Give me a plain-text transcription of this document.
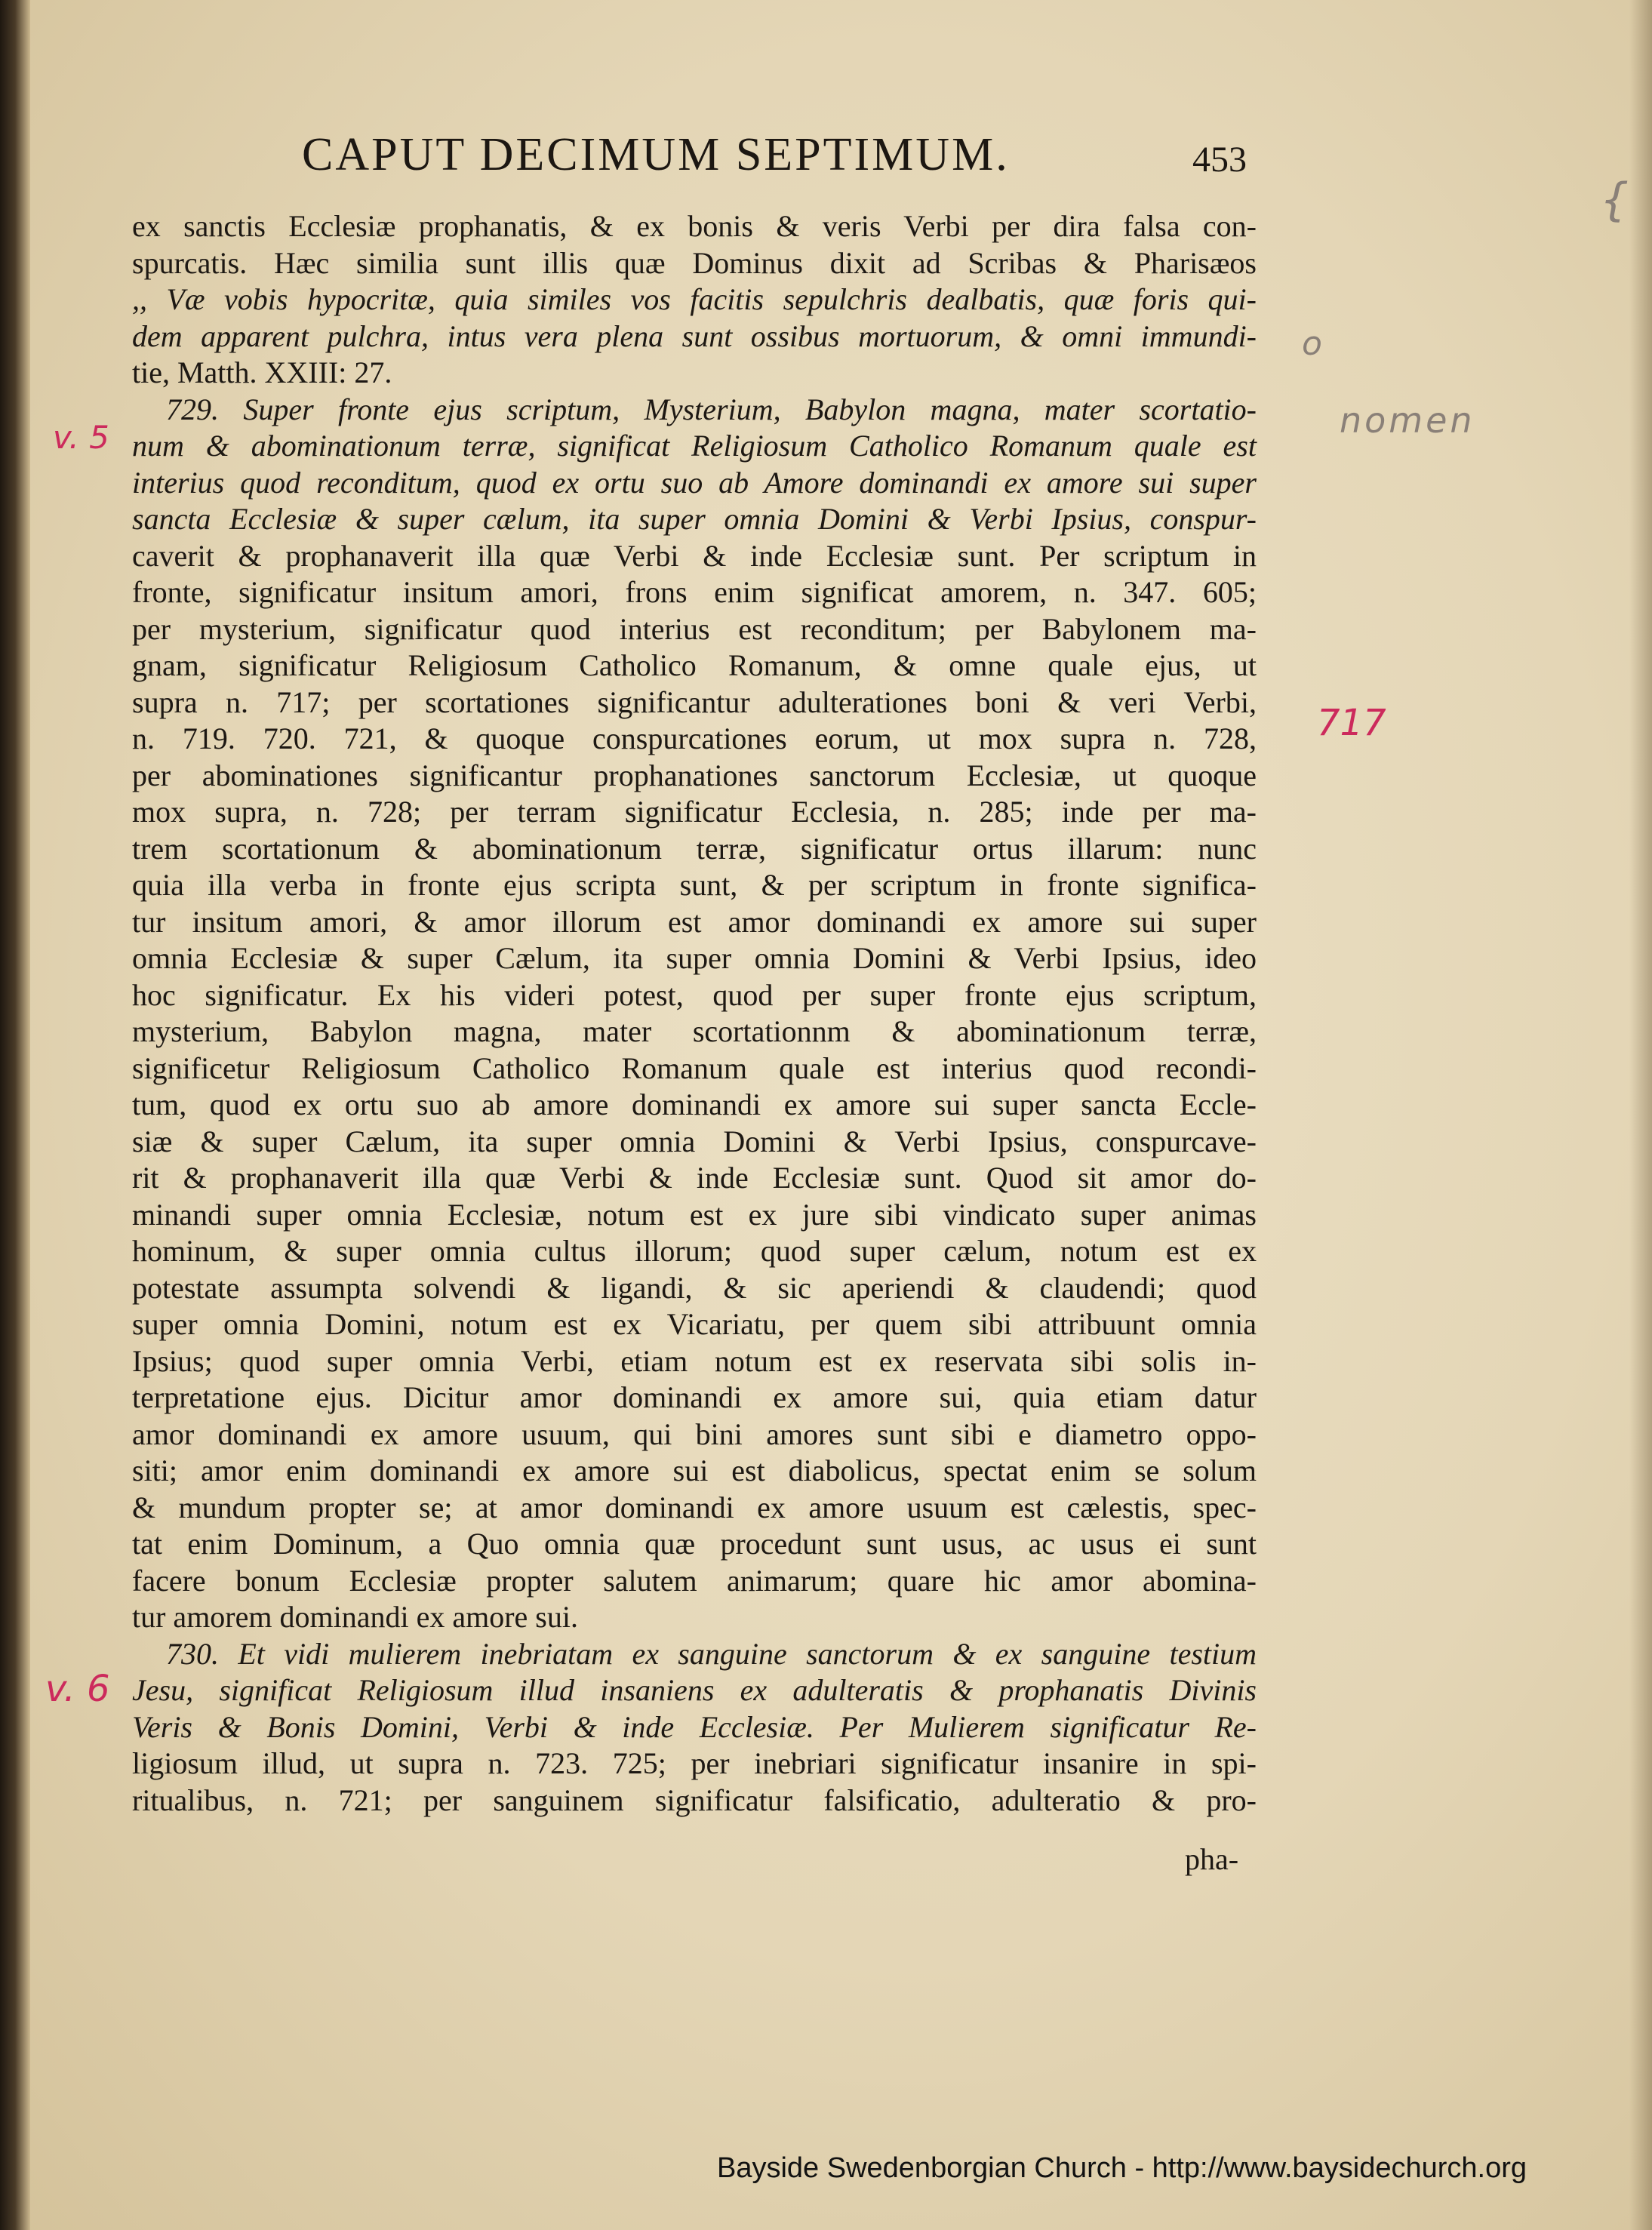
CAPUT DECIMUM SEPTIMUM.	453
ex sanctis Ecclesiæ prophanatis, & ex bonis & veris Verbi per dira falsa con-
spurcatis. Hæc similia sunt illis quæ Dominus dixit ad Scribas & Pharisæos
,, Væ vobis hypocritæ, quia similes vos facitis sepulchris dealbatis, quæ foris qui-
dem apparent pulchra, intus vera plena sunt ossibus mortuorum, & omni immundi-
tie, Matth. XXIII: 27.
729. Super fronte ejus scriptum, Mysterium, Babylon magna, mater scortatio-
num & abominationum terræ, significat Religiosum Catholico Romanum quale est
interius quod reconditum, quod ex ortu suo ab Amore dominandi ex amore sui super
sancta Ecclesiæ & super cælum, ita super omnia Domini & Verbi Ipsius, conspur-
caverit & prophanaverit illa quæ Verbi & inde Ecclesiæ sunt. Per scriptum in
fronte, significatur insitum amori, frons enim significat amorem, n. 347. 605;
per mysterium, significatur quod interius est reconditum; per Babylonem ma-
gnam, significatur Religiosum Catholico Romanum, & omne quale ejus, ut
supra n. 717; per scortationes significantur adulterationes boni & veri Verbi,
n. 719. 720. 721, & quoque conspurcationes eorum, ut mox supra n. 728,
per abominationes significantur prophanationes sanctorum Ecclesiæ, ut quoque
mox supra, n. 728; per terram significatur Ecclesia, n. 285; inde per ma-
trem scortationum & abominationum terræ, significatur ortus illarum: nunc
quia illa verba in fronte ejus scripta sunt, & per scriptum in fronte significa-
tur insitum amori, & amor illorum est amor dominandi ex amore sui super
omnia Ecclesiæ & super Cælum, ita super omnia Domini & Verbi Ipsius, ideo
hoc significatur. Ex his videri potest, quod per super fronte ejus scriptum,
mysterium, Babylon magna, mater scortationnm & abominationum terræ,
significetur Religiosum Catholico Romanum quale est interius quod recondi-
tum, quod ex ortu suo ab amore dominandi ex amore sui super sancta Eccle-
siæ & super Cælum, ita super omnia Domini & Verbi Ipsius, conspurcave-
rit & prophanaverit illa quæ Verbi & inde Ecclesiæ sunt. Quod sit amor do-
minandi super omnia Ecclesiæ, notum est ex jure sibi vindicato super animas
hominum, & super omnia cultus illorum; quod super cælum, notum est ex
potestate assumpta solvendi & ligandi, & sic aperiendi & claudendi; quod
super omnia Domini, notum est ex Vicariatu, per quem sibi attribuunt omnia
Ipsius; quod super omnia Verbi, etiam notum est ex reservata sibi solis in-
terpretatione ejus. Dicitur amor dominandi ex amore sui, quia etiam datur
amor dominandi ex amore usuum, qui bini amores sunt sibi e diametro oppo-
siti; amor enim dominandi ex amore sui est diabolicus, spectat enim se solum
& mundum propter se; at amor dominandi ex amore usuum est cælestis, spec-
tat enim Dominum, a Quo omnia quæ procedunt sunt usus, ac usus ei sunt
facere bonum Ecclesiæ propter salutem animarum; quare hic amor abomina-
tur amorem dominandi ex amore sui.
730. Et vidi mulierem inebriatam ex sanguine sanctorum & ex sanguine testium
Jesu, significat Religiosum illud insaniens ex adulteratis & prophanatis Divinis
Veris & Bonis Domini, Verbi & inde Ecclesiæ. Per Mulierem significatur Re-
ligiosum illud, ut supra n. 723. 725; per inebriari significatur insanire in spi-
ritualibus, n. 721; per sanguinem significatur falsificatio, adulteratio & pro-
pha-
v. 5
v. 6
717
nomen
o
{
Bayside Swedenborgian Church - http://www.baysidechurch.org
